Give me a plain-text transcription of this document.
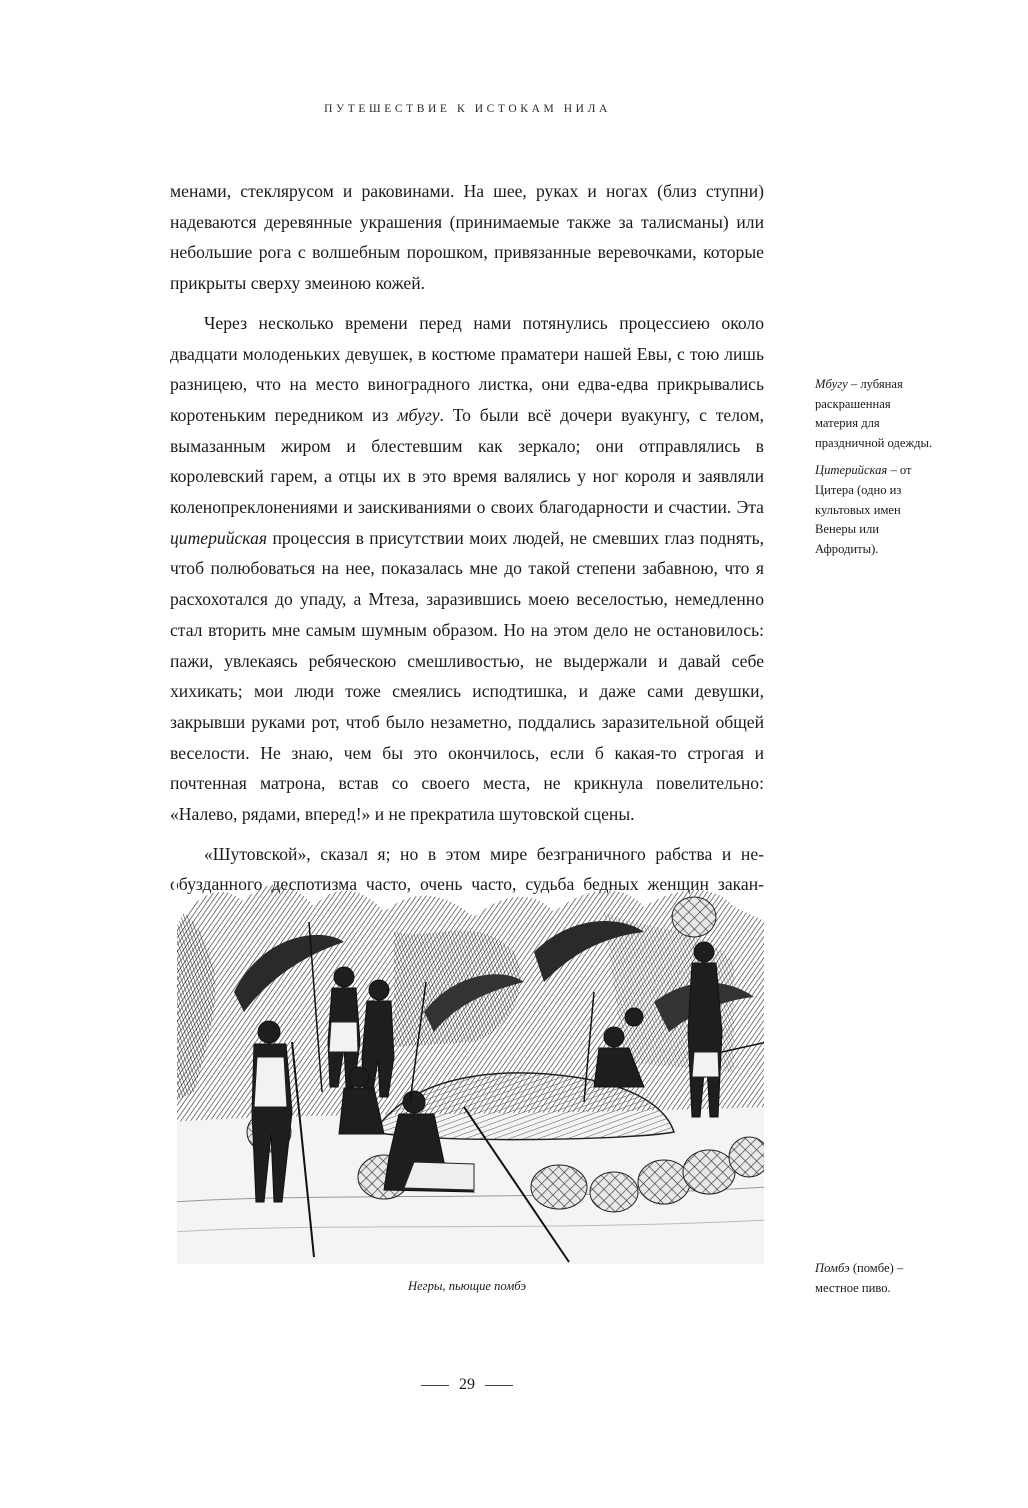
ПУТЕШЕСТВИЕ К ИСТОКАМ НИЛА

менами, стеклярусом и раковинами. На шее, руках и ногах (близ ступни) надеваются деревянные украшения (принимаемые также за талисманы) или небольшие рога с волшебным порошком, привязанные веревочками, которые прикрыты сверху змеиною кожей.

Через несколько времени перед нами потянулись процессиею около двадцати молоденьких девушек, в костюме праматери нашей Евы, с тою лишь разницею, что на место виноградного листка, они едва-едва прикрывались коротеньким передником из мбугу. То были всё дочери вуакунгу, с телом, вымазанным жиром и блестевшим как зеркало; они отправлялись в королевский гарем, а отцы их в это время валялись у ног короля и заявляли коленопреклонениями и заискиваниями о своих благодарности и счастии. Эта цитерийская процессия в присутствии моих людей, не смевших глаз поднять, чтоб полюбоваться на нее, показалась мне до такой степени забавною, что я расхохотался до упаду, а Мтеза, заразившись моею веселостью, немедленно стал вторить мне самым шумным образом. Но на этом дело не остановилось: пажи, увлекаясь ребяческою смешливостью, не выдержали и давай себе хихикать; мои люди тоже смеялись исподтишка, и даже сами девушки, закрывши руками рот, чтоб было незаметно, поддались заразительной общей веселости. Не знаю, чем бы это окончилось, если б какая-то строгая и почтенная матрона, встав со своего места, не крикнула повелительно: «Налево, рядами, вперед!» и не прекратила шутовской сцены.

«Шутовской», сказал я; но в этом мире безграничного рабства и необузданного деспотизма часто, очень часто, судьба бедных женщин закан-

Мбугу – лубяная раскрашенная материя для праздничной одежды.

Цитерийская – от Цитера (одно из культовых имен Венеры или Афродиты).

Помбэ (помбе) – местное пиво.

Негры, пьющие помбэ
29
